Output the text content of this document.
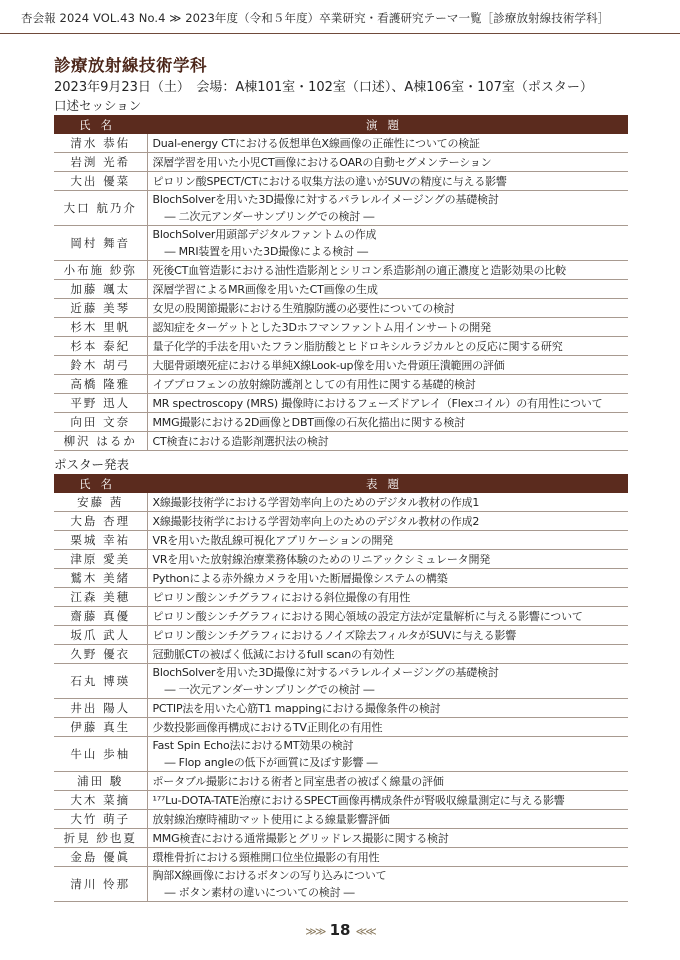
杏会報 2024 VOL.43 No.4 ≫ 2023年度（令和５年度）卒業研究・看護研究テーマ一覧［診療放射線技術学科］
診療放射線技術学科
2023年9月23日（土）　会場：A棟101室・102室（口述）、A棟106室・107室（ポスター）
口述セッション
氏名	演題
清水 恭佑	Dual-energy CTにおける仮想単色X線画像の正確性についての検証
岩渕 光希	深層学習を用いた小児CT画像におけるOARの自動セグメンテーション
大出 優菜	ピロリン酸SPECT/CTにおける収集方法の違いがSUVの精度に与える影響
大口 航乃介	BlochSolverを用いた3D撮像に対するパラレルイメージングの基礎検討
― 二次元アンダーサンプリングでの検討 ―

岡村 舞音	BlochSolver用頭部デジタルファントムの作成
― MRI装置を用いた3D撮像による検討 ―

小布施 紗弥	死後CT血管造影における油性造影剤とシリコン系造影剤の適正濃度と造影効果の比較
加藤 颯太	深層学習によるMR画像を用いたCT画像の生成
近藤 美琴	女児の股関節撮影における生殖腺防護の必要性についての検討
杉木 里帆	認知症をターゲットとした3Dホフマンファントム用インサートの開発
杉本 泰紀	量子化学的手法を用いたフラン脂肪酸とヒドロキシルラジカルとの反応に関する研究
鈴木 胡弓	大腿骨頭壊死症における単純X線Look-up像を用いた骨頭圧潰範囲の評価
高橋 隆雅	イブプロフェンの放射線防護剤としての有用性に関する基礎的検討
平野 迅人	MR spectroscopy (MRS) 撮像時におけるフェーズドアレイ（Flexコイル）の有用性について
向田 文奈	MMG撮影における2D画像とDBT画像の石灰化描出に関する検討
柳沢 はるか	CT検査における造影剤選択法の検討
ポスター発表
氏名	表題
安藤 茜	X線撮影技術学における学習効率向上のためのデジタル教材の作成1
大島 杏理	X線撮影技術学における学習効率向上のためのデジタル教材の作成2
栗城 幸祐	VRを用いた散乱線可視化アプリケーションの開発
津原 愛美	VRを用いた放射線治療業務体験のためのリニアックシミュレータ開発
鷲木 美緒	Pythonによる赤外線カメラを用いた断層撮像システムの構築
江森 美穂	ピロリン酸シンチグラフィにおける斜位撮像の有用性
齋藤 真優	ピロリン酸シンチグラフィにおける関心領域の設定方法が定量解析に与える影響について
坂爪 武人	ピロリン酸シンチグラフィにおけるノイズ除去フィルタがSUVに与える影響
久野 優衣	冠動脈CTの被ばく低減におけるfull scanの有効性
石丸 博瑛	BlochSolverを用いた3D撮像に対するパラレルイメージングの基礎検討
― 一次元アンダーサンプリングでの検討 ―

井出 陽人	PCTIP法を用いた心筋T1 mappingにおける撮像条件の検討
伊藤 真生	少数投影画像再構成におけるTV正則化の有用性
牛山 歩柚	Fast Spin Echo法におけるMT効果の検討
― Flop angleの低下が画質に及ぼす影響 ―

浦田 駿	ポータブル撮影における術者と同室患者の被ばく線量の評価
大木 菜摘	¹⁷⁷Lu-DOTA-TATE治療におけるSPECT画像再構成条件が腎吸収線量測定に与える影響
大竹 萌子	放射線治療時補助マット使用による線量影響評価
折見 紗也夏	MMG検査における通常撮影とグリッドレス撮影に関する検討
金島 優眞	環椎骨折における頸椎開口位坐位撮影の有用性
清川 怜那	胸部X線画像におけるボタンの写り込みについて
― ボタン素材の違いについての検討 ―
≫≫ 18 ≪≪
